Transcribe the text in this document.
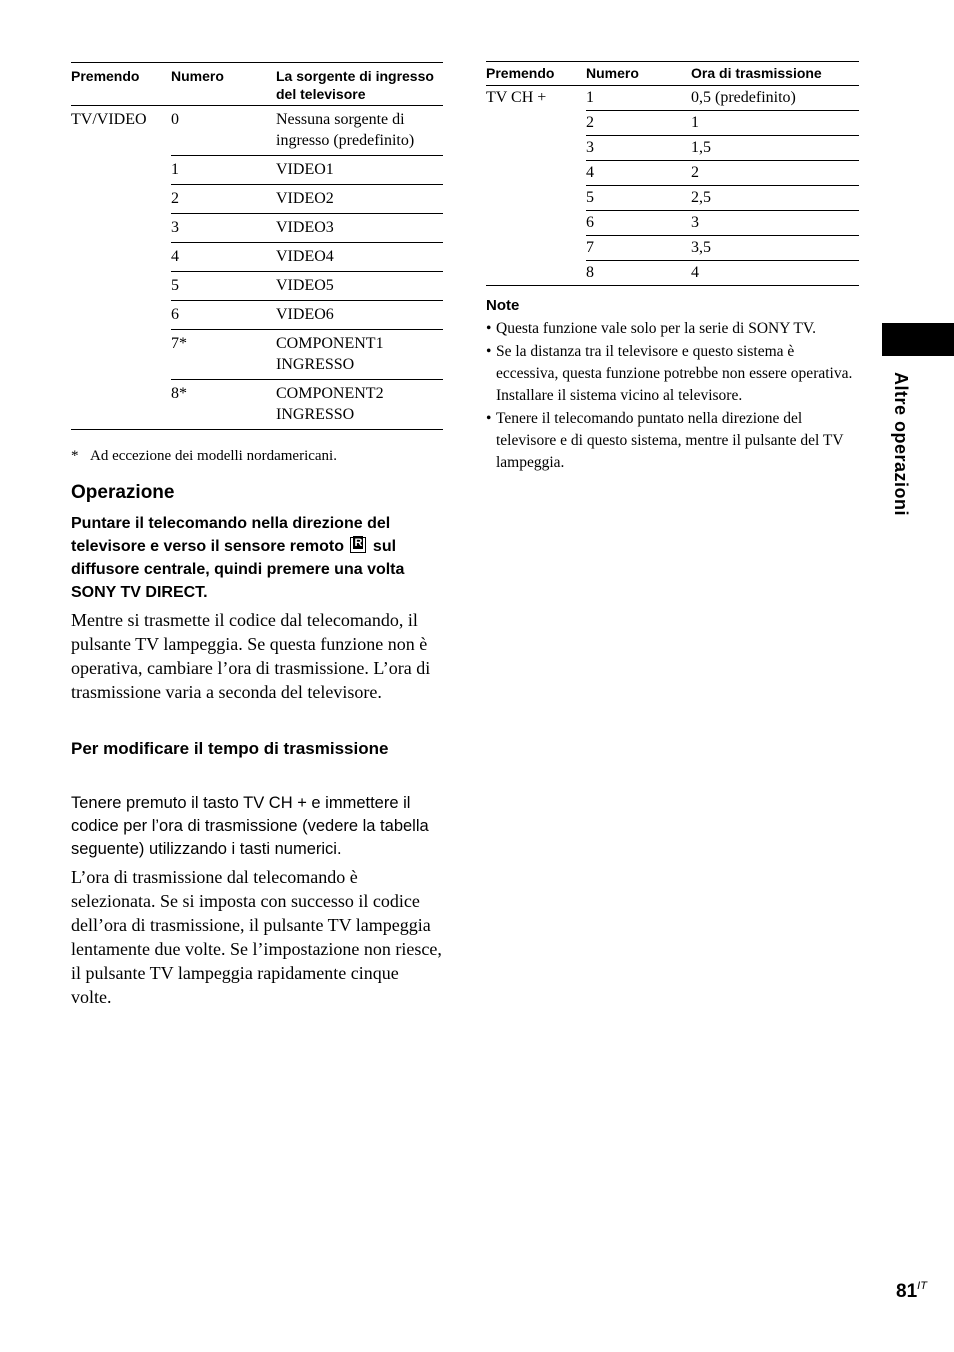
Premendo	Numero	La sorgente di ingresso del televisore
TV/VIDEO	0	Nessuna sorgente di ingresso (predefinito)
	1	VIDEO1
	2	VIDEO2
	3	VIDEO3
	4	VIDEO4
	5	VIDEO5
	6	VIDEO6
	7*	COMPONENT1 INGRESSO
	8*	COMPONENT2 INGRESSO
* Ad eccezione dei modelli nordamericani.
Operazione
Puntare il telecomando nella direzione del televisore e verso il sensore remoto R sul diffusore centrale, quindi premere una volta SONY TV DIRECT.
Mentre si trasmette il codice dal telecomando, il pulsante TV lampeggia. Se questa funzione non è operativa, cambiare l’ora di trasmissione. L’ora di trasmissione varia a seconda del televisore.
Per modificare il tempo di trasmissione
Tenere premuto il tasto TV CH + e immettere il codice per l’ora di trasmissione (vedere la tabella seguente) utilizzando i tasti numerici.
L’ora di trasmissione dal telecomando è selezionata. Se si imposta con successo il codice dell’ora di trasmissione, il pulsante TV lampeggia lentamente due volte. Se l’impostazione non riesce, il pulsante TV lampeggia rapidamente cinque volte.
Premendo	Numero	Ora di trasmissione
TV CH +	1	0,5 (predefinito)
	2	1
	3	1,5
	4	2
	5	2,5
	6	3
	7	3,5
	8	4
Note
• Questa funzione vale solo per la serie di SONY TV.
• Se la distanza tra il televisore e questo sistema è eccessiva, questa funzione potrebbe non essere operativa. Installare il sistema vicino al televisore.
• Tenere il telecomando puntato nella direzione del televisore e di questo sistema, mentre il pulsante del TV lampeggia.	Altre operazioni
$81^{IT}$
